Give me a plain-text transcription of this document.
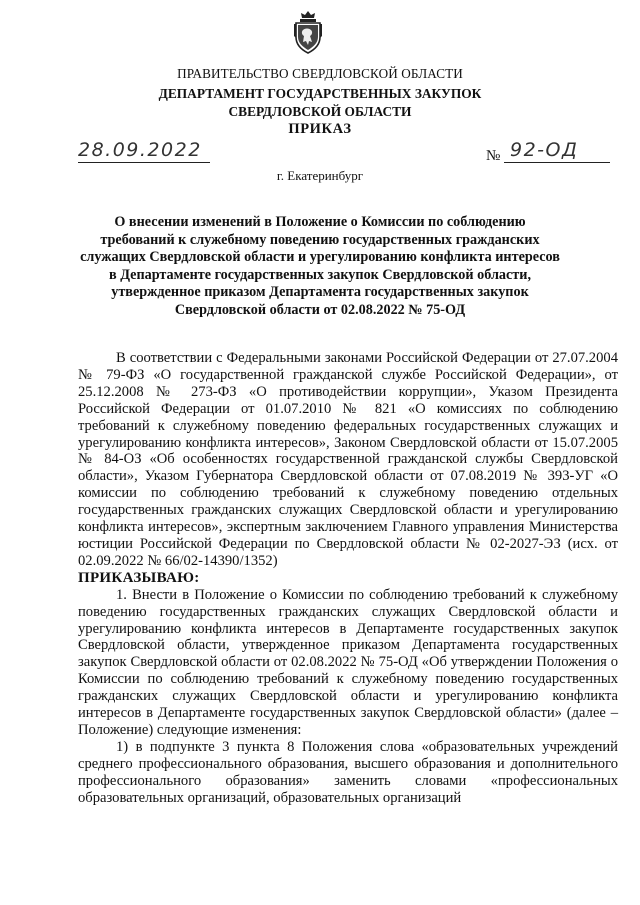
ПРАВИТЕЛЬСТВО СВЕРДЛОВСКОЙ ОБЛАСТИ
ДЕПАРТАМЕНТ ГОСУДАРСТВЕННЫХ ЗАКУПОК
СВЕРДЛОВСКОЙ ОБЛАСТИ
ПРИКАЗ
28.09.2022	№ 92-ОД
г. Екатеринбург
О внесении изменений в Положение о Комиссии по соблюдению
требований к служебному поведению государственных гражданских
служащих Свердловской области и урегулированию конфликта интересов
в Департаменте государственных закупок Свердловской области,
утвержденное приказом Департамента государственных закупок
Свердловской области от 02.08.2022 № 75-ОД

В соответствии с Федеральными законами Российской Федерации от 27.07.2004 № 79-ФЗ «О государственной гражданской службе Российской Федерации», от 25.12.2008 № 273-ФЗ «О противодействии коррупции», Указом Президента Российской Федерации от 01.07.2010 № 821 «О комиссиях по соблюдению требований к служебному поведению федеральных государственных служащих и урегулированию конфликта интересов», Законом Свердловской области от 15.07.2005 № 84-ОЗ «Об особенностях государственной гражданской службы Свердловской области», Указом Губернатора Свердловской области от 07.08.2019 № 393-УГ «О комиссии по соблюдению требований к служебному поведению отдельных государственных гражданских служащих Свердловской области и урегулированию конфликта интересов», экспертным заключением Главного управления Министерства юстиции Российской Федерации по Свердловской области № 02-2027-ЭЗ (исх. от 02.09.2022 № 66/02-14390/1352)

ПРИКАЗЫВАЮ:

1. Внести в Положение о Комиссии по соблюдению требований к служебному поведению государственных гражданских служащих Свердловской области и урегулированию конфликта интересов в Департаменте государственных закупок Свердловской области, утвержденное приказом Департамента государственных закупок Свердловской области от 02.08.2022 № 75-ОД «Об утверждении Положения о Комиссии по соблюдению требований к служебному поведению государственных гражданских служащих Свердловской области и урегулированию конфликта интересов в Департаменте государственных закупок Свердловской области» (далее – Положение) следующие изменения:

1) в подпункте 3 пункта 8 Положения слова «образовательных учреждений среднего профессионального образования, высшего образования и дополнительного профессионального образования» заменить словами «профессиональных образовательных организаций, образовательных организаций
